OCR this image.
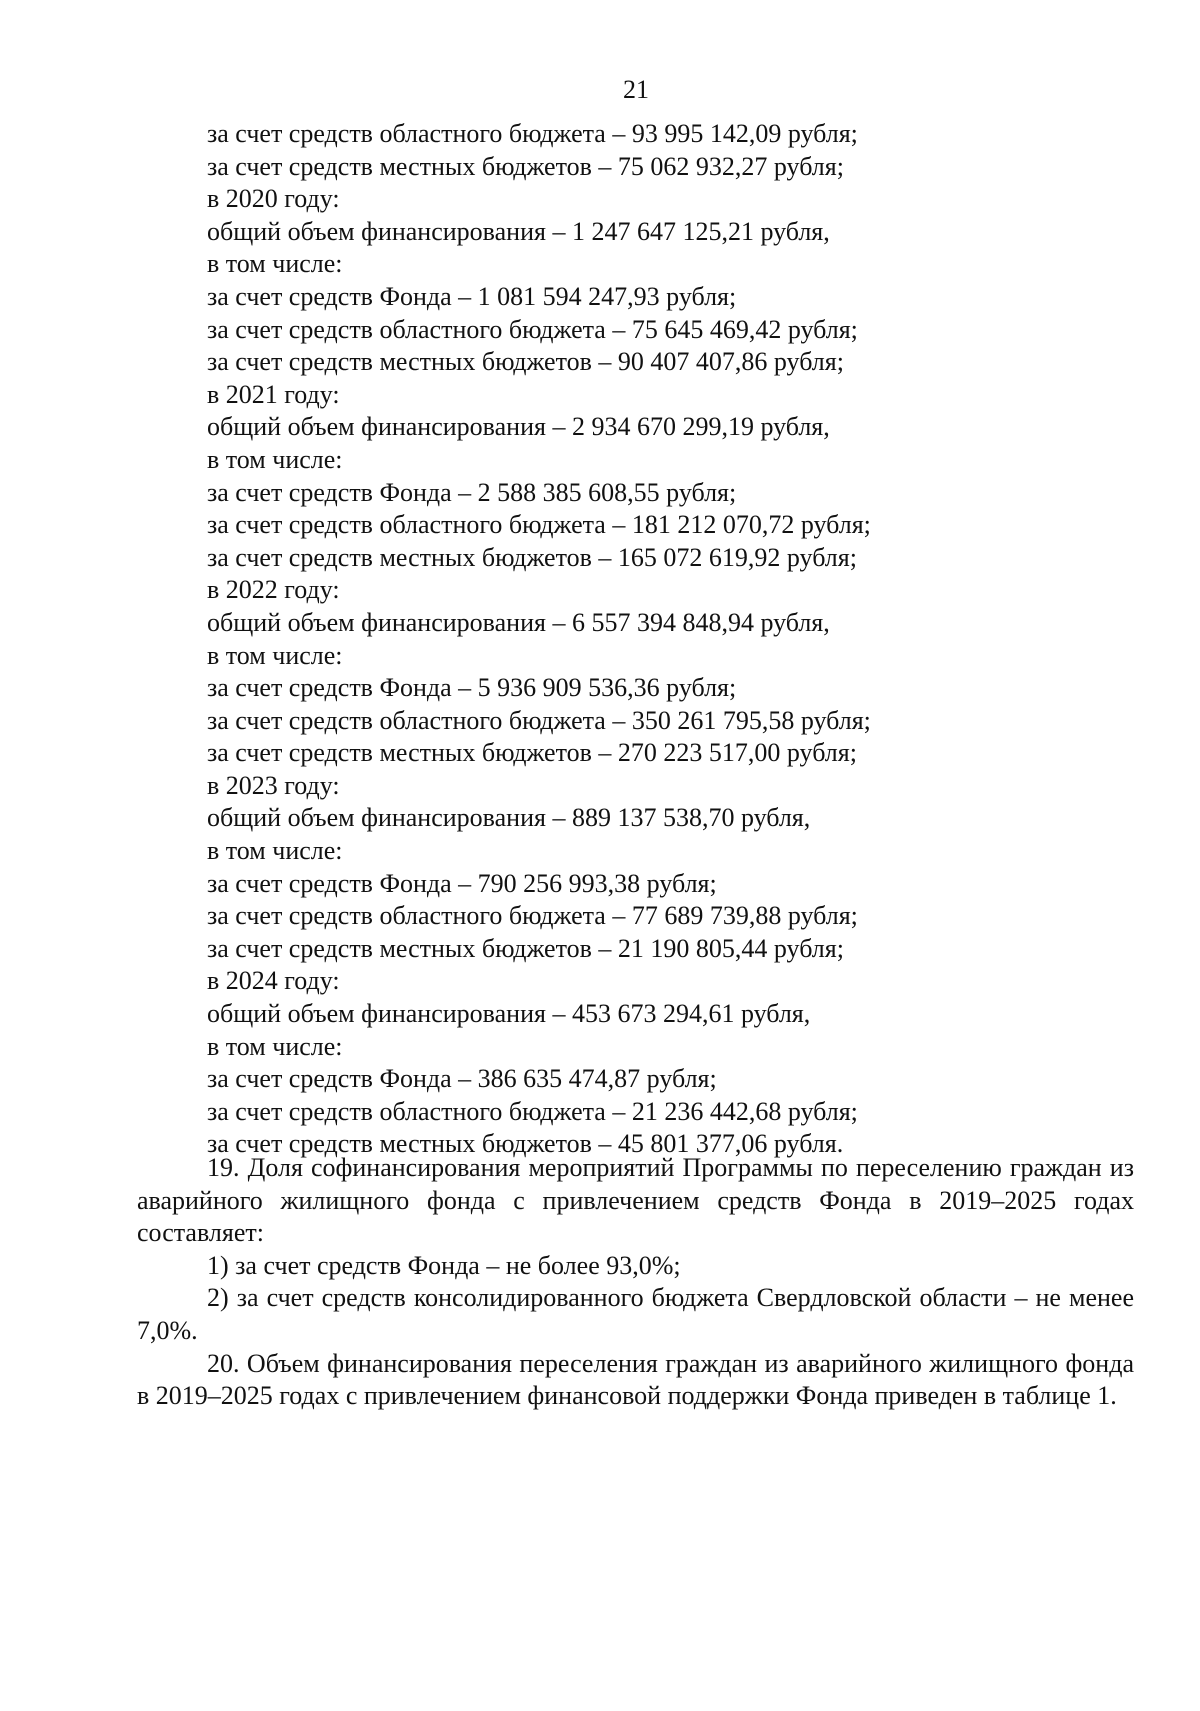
21
за счет средств областного бюджета – 93 995 142,09 рубля;
за счет средств местных бюджетов – 75 062 932,27 рубля;
в 2020 году:
общий объем финансирования – 1 247 647 125,21 рубля,
в том числе:
за счет средств Фонда – 1 081 594 247,93 рубля;
за счет средств областного бюджета – 75 645 469,42 рубля;
за счет средств местных бюджетов – 90 407 407,86 рубля;
в 2021 году:
общий объем финансирования – 2 934 670 299,19 рубля,
в том числе:
за счет средств Фонда – 2 588 385 608,55 рубля;
за счет средств областного бюджета – 181 212 070,72 рубля;
за счет средств местных бюджетов – 165 072 619,92 рубля;
в 2022 году:
общий объем финансирования – 6 557 394 848,94 рубля,
в том числе:
за счет средств Фонда – 5 936 909 536,36 рубля;
за счет средств областного бюджета – 350 261 795,58 рубля;
за счет средств местных бюджетов – 270 223 517,00 рубля;
в 2023 году:
общий объем финансирования – 889 137 538,70 рубля,
в том числе:
за счет средств Фонда – 790 256 993,38 рубля;
за счет средств областного бюджета – 77 689 739,88 рубля;
за счет средств местных бюджетов – 21 190 805,44 рубля;
в 2024 году:
общий объем финансирования – 453 673 294,61 рубля,
в том числе:
за счет средств Фонда – 386 635 474,87 рубля;
за счет средств областного бюджета – 21 236 442,68 рубля;
за счет средств местных бюджетов – 45 801 377,06 рубля.

19. Доля софинансирования мероприятий Программы по переселению граждан из аварийного жилищного фонда с привлечением средств Фонда в 2019–2025 годах составляет:

1) за счет средств Фонда – не более 93,0%;

2) за счет средств консолидированного бюджета Свердловской области – не менее 7,0%.

20. Объем финансирования переселения граждан из аварийного жилищного фонда в 2019–2025 годах с привлечением финансовой поддержки Фонда приведен в таблице 1.
